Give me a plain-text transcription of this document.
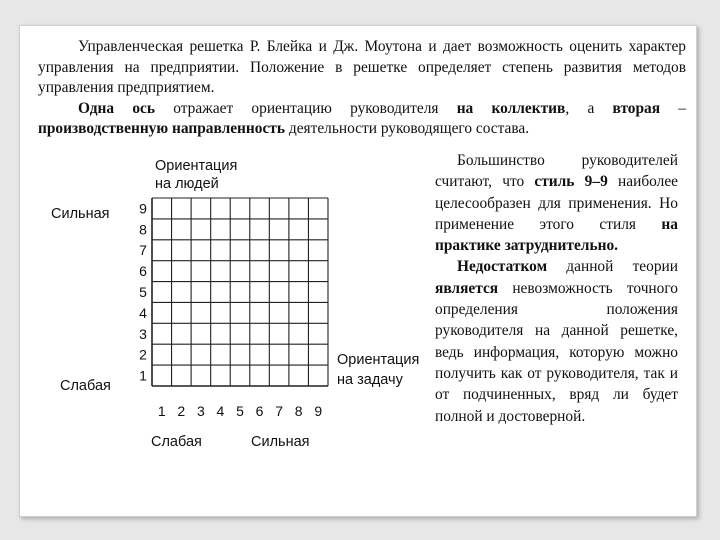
Управленческая решетка Р. Блейка и Дж. Моутона и дает возможность оценить характер управления на предприятии. Положение в решетке определяет степень развития методов управления предприятием.

Одна ось отражает ориентацию руководителя на коллектив, а вторая – производственную направленность деятельности руководящего состава.

Ориентация
на людей
Сильная
Слабая
Ориентация
на задачу
Слабая	Сильная
9
8
7
6
5
4
3
2
1
1 2 3 4 5 6 7 8 9

Большинство руководителей считают, что стиль 9–9 наиболее целесообразен для применения. Но применение этого стиля на практике затруднительно.

Недостатком данной теории является невозможность точного определения положения руководителя на данной решетке, ведь информация, которую можно получить как от руководителя, так и от подчиненных, вряд ли будет полной и достоверной.
